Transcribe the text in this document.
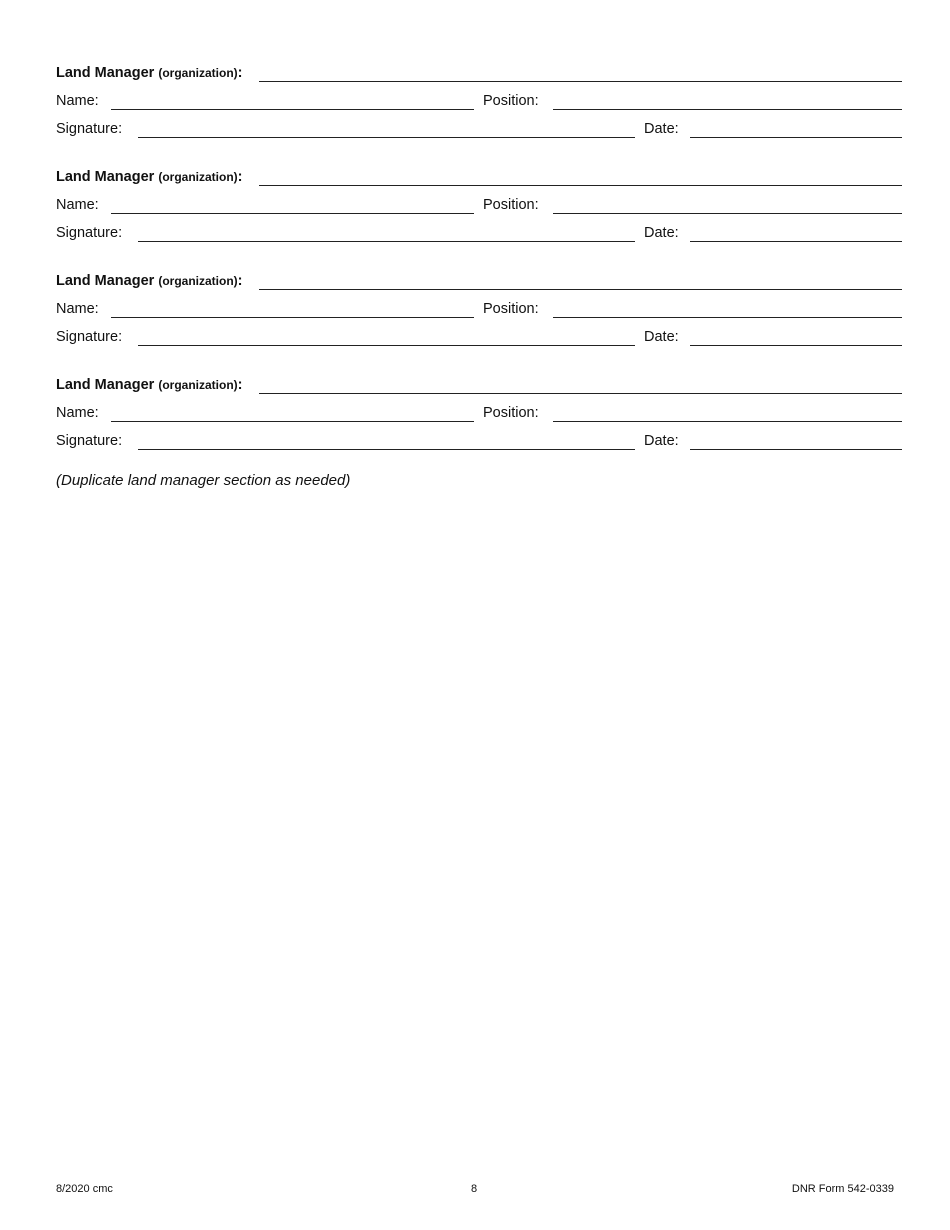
Land Manager (organization):
Name:	Position:
Signature:	Date:
Land Manager (organization):
Name:	Position:
Signature:	Date:
Land Manager (organization):
Name:	Position:
Signature:	Date:
Land Manager (organization):
Name:	Position:
Signature:	Date:
(Duplicate land manager section as needed)
8/2020 cmc	8	DNR Form 542-0339
